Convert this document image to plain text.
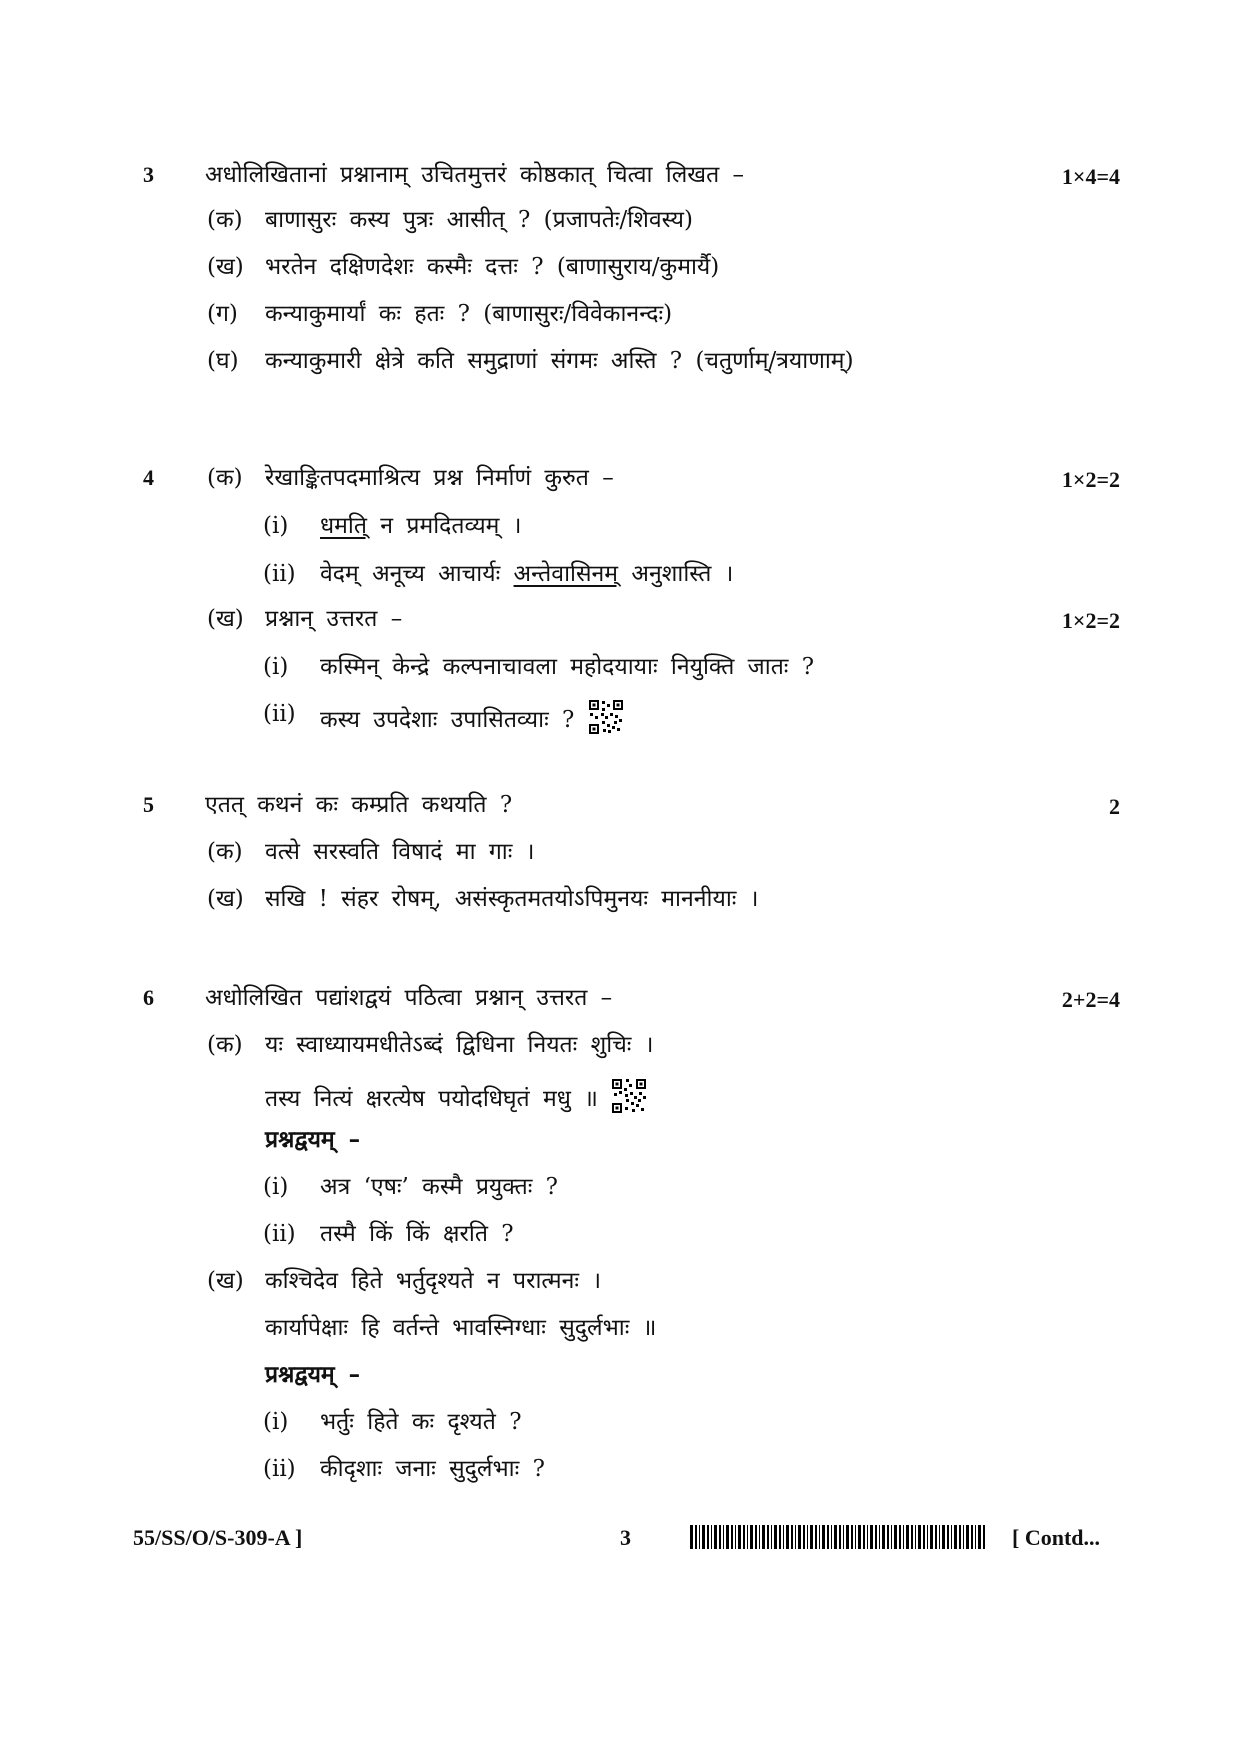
3 अधोलिखितानां प्रश्नानाम् उचितमुत्तरं कोष्ठकात् चित्वा लिखत –	1×4=4
(क) बाणासुरः कस्य पुत्रः आसीत् ? (प्रजापतेः/शिवस्य)
(ख) भरतेन दक्षिणदेशः कस्मैः दत्तः ? (बाणासुराय/कुमार्यै)
(ग) कन्याकुमार्यां कः हतः ? (बाणासुरः/विवेकानन्दः)
(घ) कन्याकुमारी क्षेत्रे कति समुद्राणां संगमः अस्ति ? (चतुर्णाम्/त्रयाणाम्)
4 (क) रेखाङ्कितपदमाश्रित्य प्रश्न निर्माणं कुरुत –	1×2=2
(i) धमति् न प्रमदितव्यम् ।
(ii) वेदम् अनूच्य आचार्यः अन्तेवासिनम् अनुशास्ति ।
(ख) प्रश्नान् उत्तरत –	1×2=2
(i) कस्मिन् केन्द्रे कल्पनाचावला महोदयायाः नियुक्ति जातः ?
(ii) कस्य उपदेशाः उपासितव्याः ?
5 एतत् कथनं कः कम्प्रति कथयति ?	2
(क) वत्से सरस्वति विषादं मा गाः ।
(ख) सखि ! संहर रोषम्, असंस्कृतमतयोऽपिमुनयः माननीयाः ।
6 अधोलिखित पद्यांशद्वयं पठित्वा प्रश्नान् उत्तरत –	2+2=4
(क) यः स्वाध्यायमधीतेऽब्दं द्विधिना नियतः शुचिः ।
तस्य नित्यं क्षरत्येष पयोदधिघृतं मधु ॥
प्रश्नद्वयम् –
(i) अत्र ‘एषः’ कस्मै प्रयुक्तः ?
(ii) तस्मै किं किं क्षरति ?
(ख) कश्चिदेव हिते भर्तुदृश्यते न परात्मनः ।
कार्यापेक्षाः हि वर्तन्ते भावस्निग्धाः सुदुर्लभाः ॥
प्रश्नद्वयम् –
(i) भर्तुः हिते कः दृश्यते ?
(ii) कीदृशाः जनाः सुदुर्लभाः ?
55/SS/O/S-309-A ]	3	[ Contd...
